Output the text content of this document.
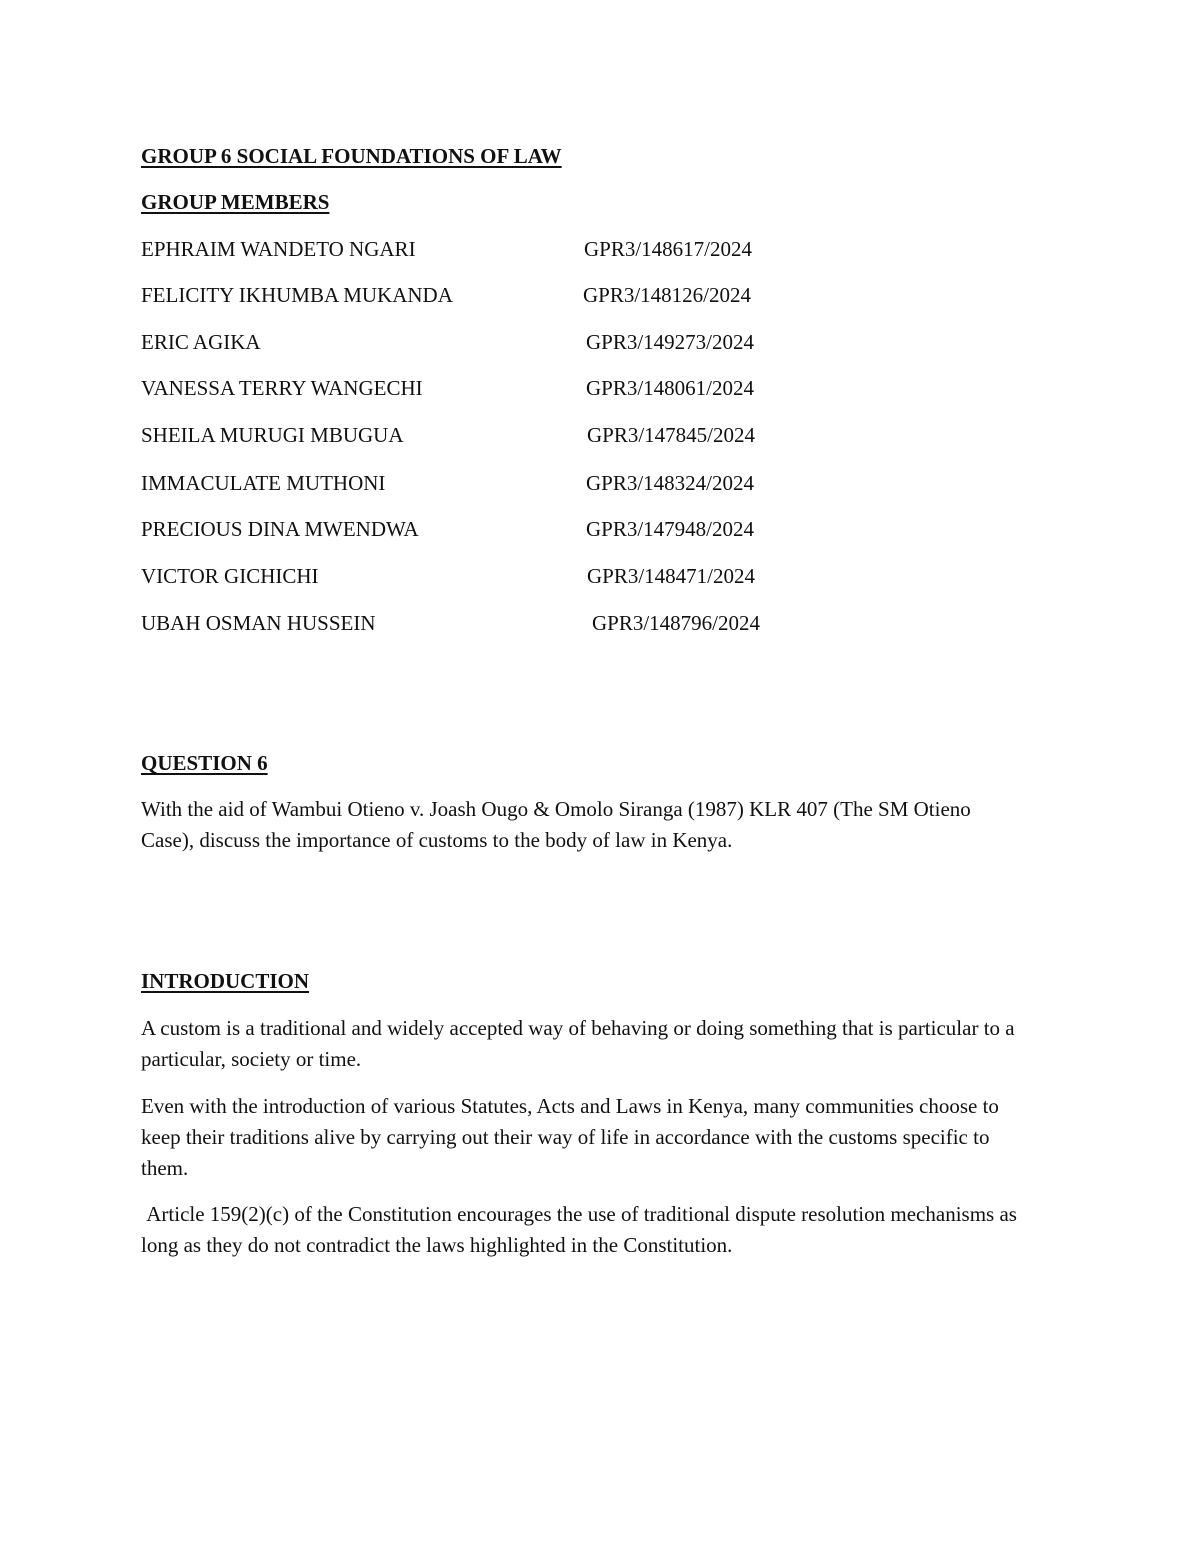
GROUP 6 SOCIAL FOUNDATIONS OF LAW
GROUP MEMBERS
EPHRAIM WANDETO NGARI	GPR3/148617/2024
FELICITY IKHUMBA MUKANDA	GPR3/148126/2024
ERIC AGIKA	GPR3/149273/2024
VANESSA TERRY WANGECHI	GPR3/148061/2024
SHEILA MURUGI MBUGUA	GPR3/147845/2024
IMMACULATE MUTHONI	GPR3/148324/2024
PRECIOUS DINA MWENDWA	GPR3/147948/2024
VICTOR GICHICHI	GPR3/148471/2024
UBAH OSMAN HUSSEIN	GPR3/148796/2024
QUESTION 6
With the aid of Wambui Otieno v. Joash Ougo & Omolo Siranga (1987) KLR 407 (The SM Otieno Case), discuss the importance of customs to the body of law in Kenya.
INTRODUCTION
A custom is a traditional and widely accepted way of behaving or doing something that is particular to a particular, society or time.
Even with the introduction of various Statutes, Acts and Laws in Kenya, many communities choose to keep their traditions alive by carrying out their way of life in accordance with the customs specific to them.
Article 159(2)(c) of the Constitution encourages the use of traditional dispute resolution mechanisms as long as they do not contradict the laws highlighted in the Constitution.
